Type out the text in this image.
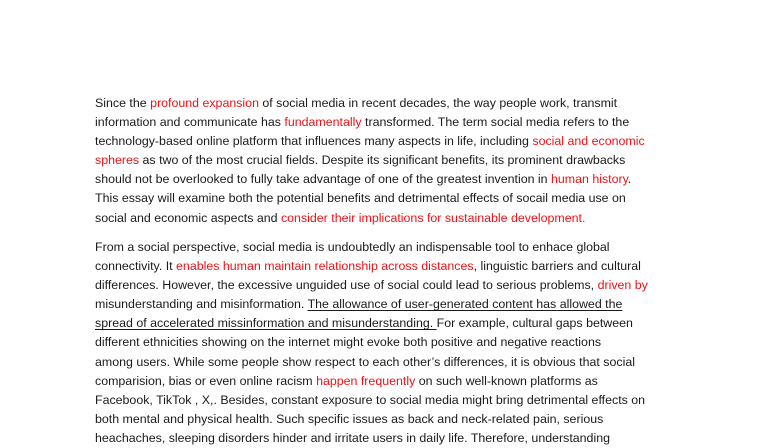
Since the profound expansion of social media in recent decades, the way people work, transmit
information and communicate has fundamentally transformed. The term social media refers to the
technology-based online platform that influences many aspects in life, including social and economic
spheres as two of the most crucial fields. Despite its significant benefits, its prominent drawbacks
should not be overlooked to fully take advantage of one of the greatest invention in human history.
This essay will examine both the potential benefits and detrimental effects of socail media use on
social and economic aspects and consider their implications for sustainable development.
From a social perspective, social media is undoubtedly an indispensable tool to enhace global
connectivity. It enables human maintain relationship across distances, linguistic barriers and cultural
differences. However, the excessive unguided use of social could lead to serious problems, driven by
misunderstanding and misinformation. The allowance of user-generated content has allowed the
spread of accelerated missinformation and misunderstanding. For example, cultural gaps between
different ethnicities showing on the internet might evoke both positive and negative reactions
among users. While some people show respect to each other’s differences, it is obvious that social
comparision, bias or even online racism happen frequently on such well-known platforms as
Facebook, TikTok , X,. Besides, constant exposure to social media might bring detrimental effects on
both mental and physical health. Such specific issues as back and neck-related pain, serious
heachaches, sleeping disorders hinder and irritate users in daily life. Therefore, understanding
